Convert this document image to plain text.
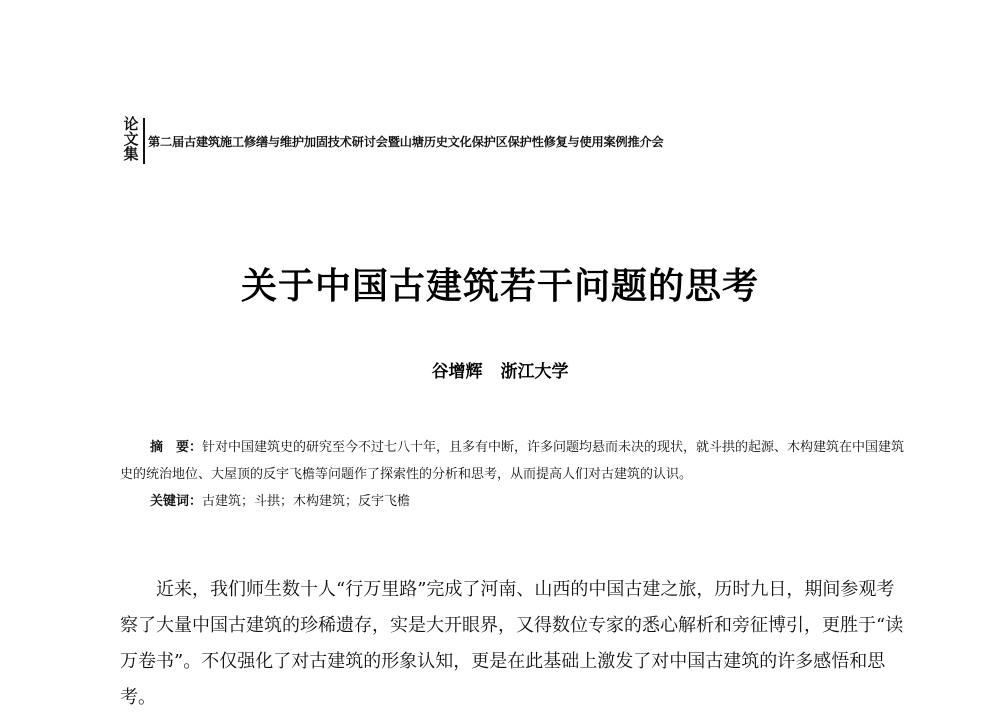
论
文
集
第二届古建筑施工修缮与维护加固技术研讨会暨山塘历史文化保护区保护性修复与使用案例推介会
关于中国古建筑若干问题的思考
谷增辉 浙江大学

摘　要：针对中国建筑史的研究至今不过七八十年，且多有中断，许多问题均悬而未决的现状，就斗拱的起源、木构建筑在中国建筑史的统治地位、大屋顶的反宇飞檐等问题作了探索性的分析和思考，从而提高人们对古建筑的认识。

关键词：古建筑；斗拱；木构建筑；反宇飞檐

近来，我们师生数十人“行万里路”完成了河南、山西的中国古建之旅，历时九日，期间参观考察了大量中国古建筑的珍稀遗存，实是大开眼界，又得数位专家的悉心解析和旁征博引，更胜于“读万卷书”。不仅强化了对古建筑的形象认知，更是在此基础上激发了对中国古建筑的许多感悟和思考。
